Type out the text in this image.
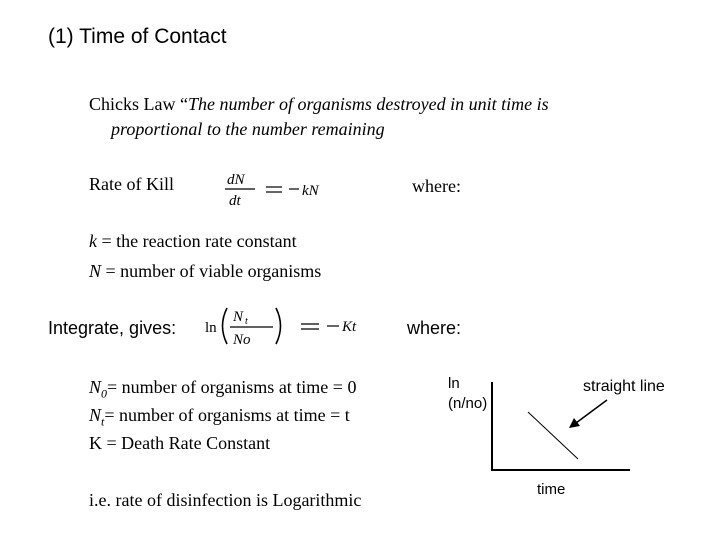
(1) Time of Contact
Chicks Law “The number of organisms destroyed in unit time is
proportional to the number remaining
Rate of Kill	dN
dt
kN	where:
k = the reaction rate constant
N = number of viable organisms
Integrate, gives: ln
N t
No
Kt	where:
$N_0=$ number of organisms at time = 0
$N_t=$ number of organisms at time = t
K = Death Rate Constant
i.e. rate of disinfection is Logarithmic
ln
(n/no)
straight line
time
